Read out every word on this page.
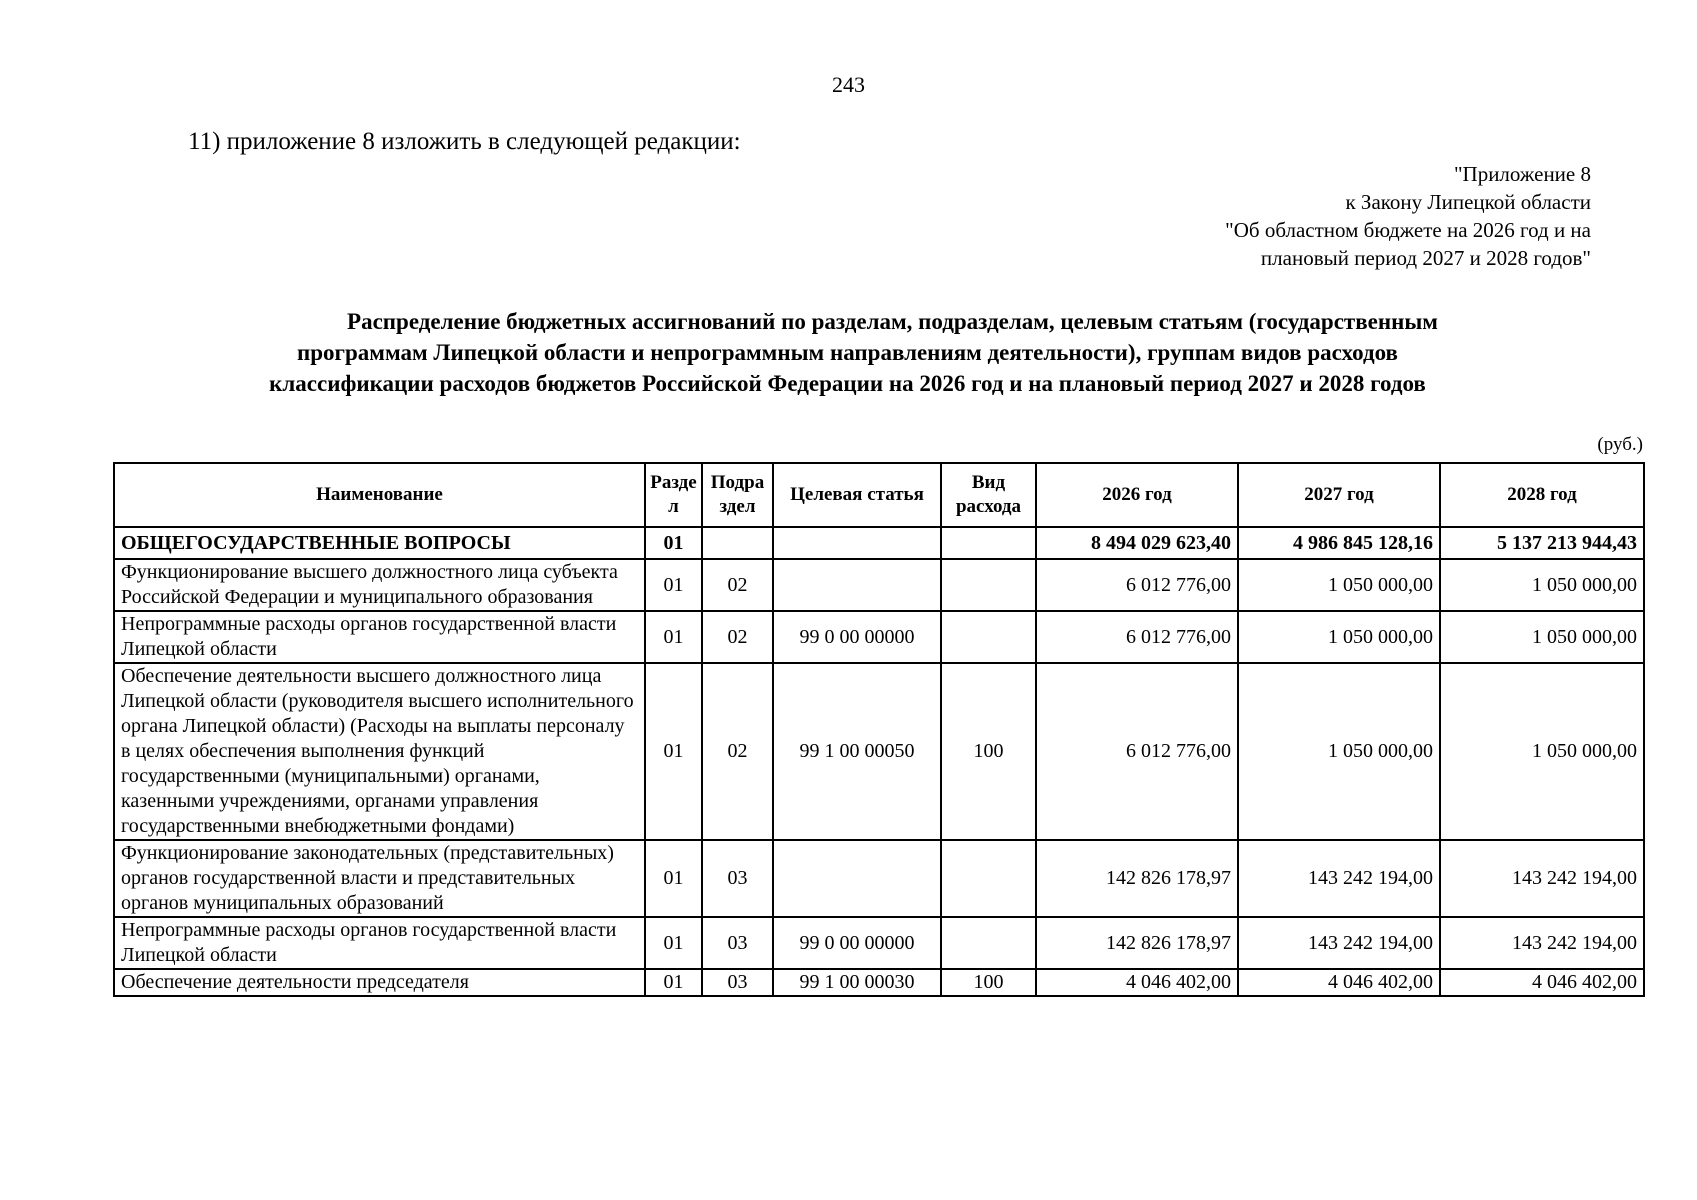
243
11) приложение 8 изложить в следующей редакции:
"Приложение 8
к Закону Липецкой области
"Об областном бюджете на 2026 год и на
плановый период 2027 и 2028 годов"
Распределение бюджетных ассигнований по разделам, подразделам, целевым статьям (государственным
программам Липецкой области и непрограммным направлениям деятельности), группам видов расходов
классификации расходов бюджетов Российской Федерации на 2026 год и на плановый период 2027 и 2028 годов
(руб.)
Наименование	Разде л	Подра здел	Целевая статья	Вид расхода	2026 год	2027 год	2028 год
ОБЩЕГОСУДАРСТВЕННЫЕ ВОПРОСЫ	01				8 494 029 623,40	4 986 845 128,16	5 137 213 944,43
Функционирование высшего должностного лица субъекта Российской Федерации и муниципального образования	01	02			6 012 776,00	1 050 000,00	1 050 000,00
Непрограммные расходы органов государственной власти Липецкой области	01	02	99 0 00 00000		6 012 776,00	1 050 000,00	1 050 000,00
Обеспечение деятельности высшего должностного лица Липецкой области (руководителя высшего исполнительного органа Липецкой области) (Расходы на выплаты персоналу в целях обеспечения выполнения функций государственными (муниципальными) органами, казенными учреждениями, органами управления государственными внебюджетными фондами)	01	02	99 1 00 00050	100	6 012 776,00	1 050 000,00	1 050 000,00
Функционирование законодательных (представительных) органов государственной власти и представительных органов муниципальных образований	01	03			142 826 178,97	143 242 194,00	143 242 194,00
Непрограммные расходы органов государственной власти Липецкой области	01	03	99 0 00 00000		142 826 178,97	143 242 194,00	143 242 194,00
Обеспечение деятельности председателя	01	03	99 1 00 00030	100	4 046 402,00	4 046 402,00	4 046 402,00
